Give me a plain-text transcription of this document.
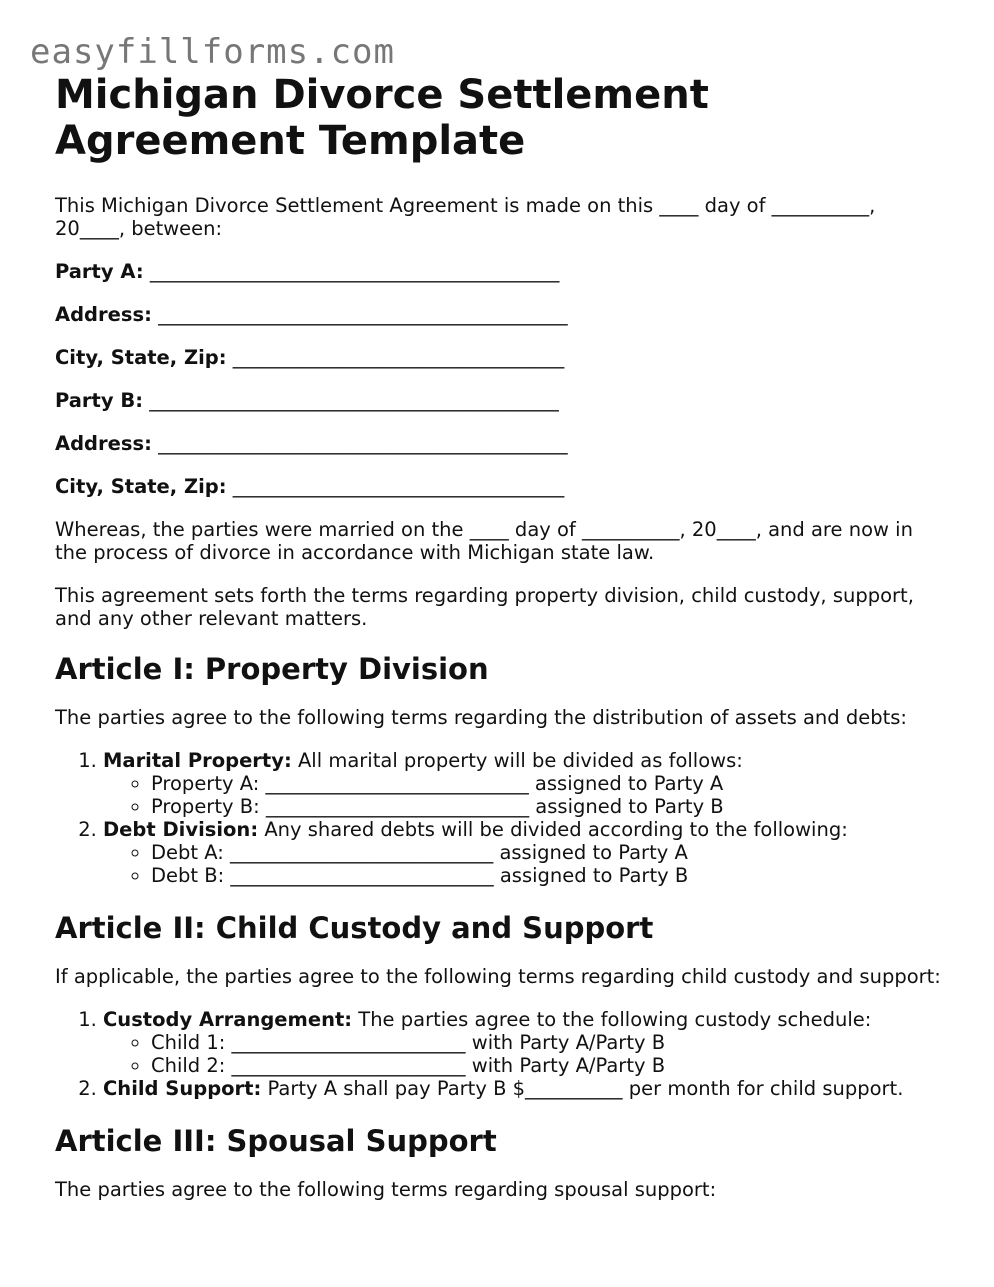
easyfillforms.com
Michigan Divorce Settlement Agreement Template

This Michigan Divorce Settlement Agreement is made on this ____ day of __________, 20____, between:

Party A: __________________________________________
Address: __________________________________________
City, State, Zip: __________________________________
Party B: __________________________________________
Address: __________________________________________
City, State, Zip: __________________________________

Whereas, the parties were married on the ____ day of __________, 20____, and are now in the process of divorce in accordance with Michigan state law.

This agreement sets forth the terms regarding property division, child custody, support, and any other relevant matters.

Article I: Property Division

The parties agree to the following terms regarding the distribution of assets and debts:

1. Marital Property: All marital property will be divided as follows:
◦ Property A: ___________________________ assigned to Party A
◦ Property B: ___________________________ assigned to Party B
2. Debt Division: Any shared debts will be divided according to the following:
◦ Debt A: ___________________________ assigned to Party A
◦ Debt B: ___________________________ assigned to Party B
Article II: Child Custody and Support

If applicable, the parties agree to the following terms regarding child custody and support:

1. Custody Arrangement: The parties agree to the following custody schedule:
◦ Child 1: ________________________ with Party A/Party B
◦ Child 2: ________________________ with Party A/Party B
2. Child Support: Party A shall pay Party B $__________ per month for child support.
Article III: Spousal Support

The parties agree to the following terms regarding spousal support:
